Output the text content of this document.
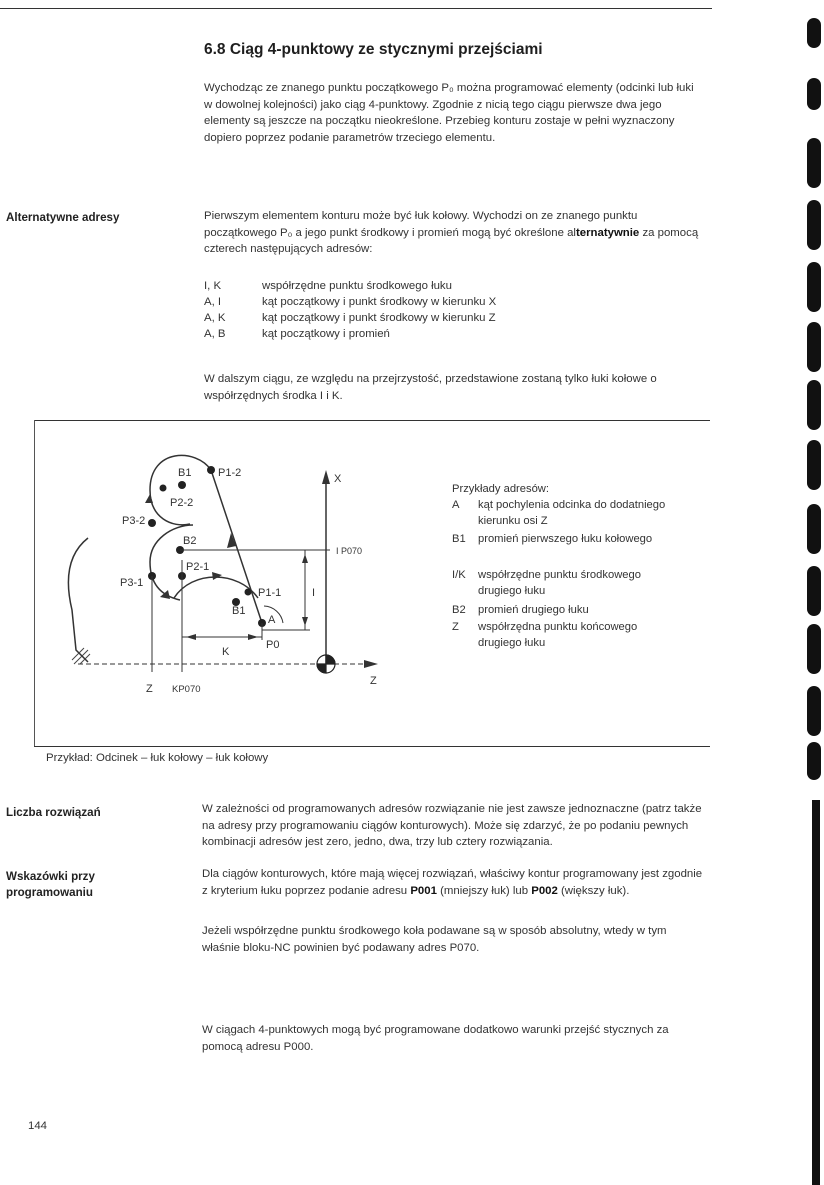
6.8 Ciąg 4-punktowy ze stycznymi przejściami
Wychodząc ze znanego punktu początkowego P₀ można programować elementy (odcinki lub łuki w dowolnej kolejności) jako ciąg 4-punktowy. Zgodnie z nicią tego ciągu pierwsze dwa jego elementy są jeszcze na początku nieokreślone. Przebieg konturu zostaje w pełni wyznaczony dopiero poprzez podanie parametrów trzeciego elementu.
Alternatywne adresy	Pierwszym elementem konturu może być łuk kołowy. Wychodzi on ze znanego punktu początkowego P₀ a jego punkt środkowy i promień mogą być określone alternatywnie za pomocą czterech następujących adresów:
I, K	współrzędne punktu środkowego łuku
A, I	kąt początkowy i punkt środkowy w kierunku X
A, K	kąt początkowy i punkt środkowy w kierunku Z
A, B	kąt początkowy i promień
W dalszym ciągu, ze względu na przejrzystość, przedstawione zostaną tylko łuki kołowe o współrzędnych środka I i K.
P1-2
B1
P2-2
P3-2
B2
P2-1
P3-1
P1-1
B1
A
P0
K
I
I P070
X
Z
Z KP070
Przykłady adresów:
A kąt pochylenia odcinka do dodatniego kierunku osi Z
B1 promień pierwszego łuku kołowego
I/K współrzędne punktu środkowego drugiego łuku
B2 promień drugiego łuku
Z współrzędna punktu końcowego drugiego łuku
Przykład: Odcinek – łuk kołowy – łuk kołowy
Liczba rozwiązań	W zależności od programowanych adresów rozwiązanie nie jest zawsze jednoznaczne (patrz także na adresy przy programowaniu ciągów konturowych). Może się zdarzyć, że po podaniu pewnych kombinacji adresów jest zero, jedno, dwa, trzy lub cztery rozwiązania.
Wskazówki przy
programowaniu
Dla ciągów konturowych, które mają więcej rozwiązań, właściwy kontur programowany jest zgodnie z kryterium łuku poprzez podanie adresu P001 (mniejszy łuk) lub P002 (większy łuk).
Jeżeli współrzędne punktu środkowego koła podawane są w sposób absolutny, wtedy w tym właśnie bloku-NC powinien być podawany adres P070.
W ciągach 4-punktowych mogą być programowane dodatkowo warunki przejść stycznych za pomocą adresu P000.
144
